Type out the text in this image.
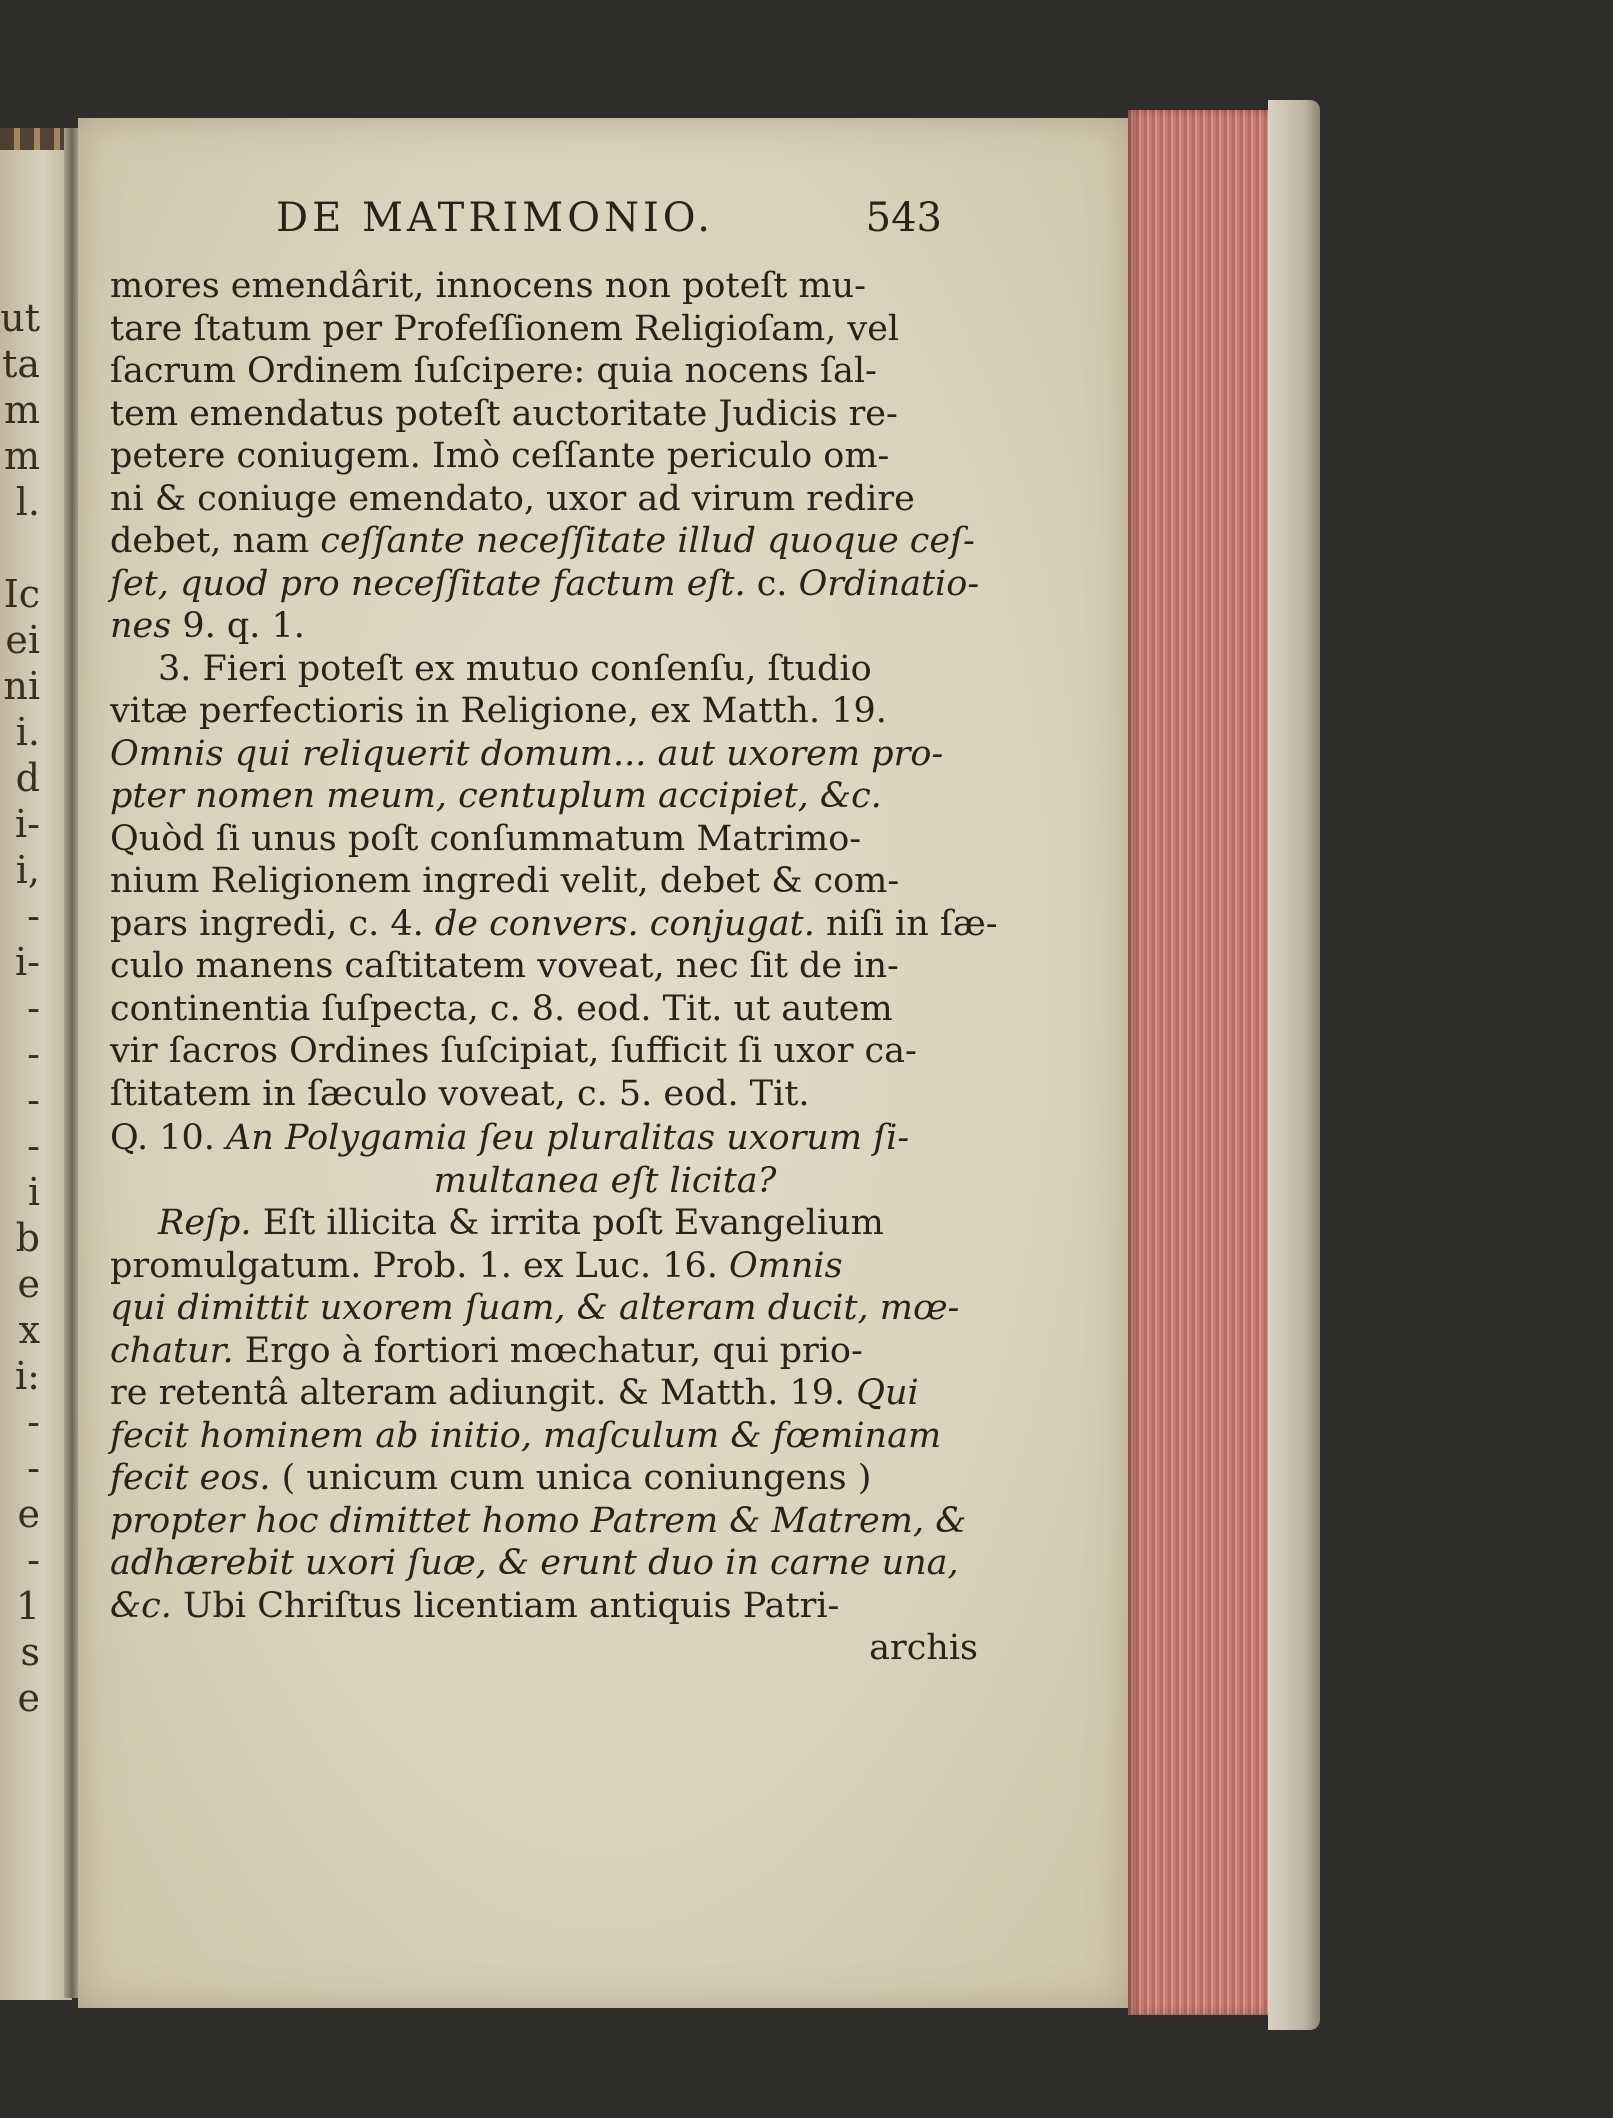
ut
ta
m
m
l.

Ic
ei
ni
i.
d
i-
i,
-
i-
-
-
-
-
i
b
e
x
i:
-
-
e
-
1
s
e
DE MATRIMONIO.	543
mores emendârit, innocens non poteſt mu-
tare ſtatum per Profeſſionem Religioſam, vel
ſacrum Ordinem ſuſcipere: quia nocens ſal-
tem emendatus poteſt auctoritate Judicis re-
petere coniugem. Imò ceſſante periculo om-
ni & coniuge emendato, uxor ad virum redire
debet, nam ceſſante neceſſitate illud quoque ceſ-
ſet, quod pro neceſſitate factum eſt. c. Ordinatio-
nes 9. q. 1.
3. Fieri poteſt ex mutuo conſenſu, ſtudio
vitæ perfectioris in Religione, ex Matth. 19.
Omnis qui reliquerit domum... aut uxorem pro-
pter nomen meum, centuplum accipiet, &c.
Quòd ſi unus poſt conſummatum Matrimo-
nium Religionem ingredi velit, debet & com-
pars ingredi, c. 4. de convers. conjugat. niſi in ſæ-
culo manens caſtitatem voveat, nec ſit de in-
continentia ſuſpecta, c. 8. eod. Tit. ut autem
vir ſacros Ordines ſuſcipiat, ſufficit ſi uxor ca-
ſtitatem in ſæculo voveat, c. 5. eod. Tit.
Q. 10. An Polygamia ſeu pluralitas uxorum ſi-
multanea eſt licita?
Reſp. Eſt illicita & irrita poſt Evangelium
promulgatum. Prob. 1. ex Luc. 16. Omnis
qui dimittit uxorem ſuam, & alteram ducit, mœ-
chatur. Ergo à fortiori mœchatur, qui prio-
re retentâ alteram adiungit. & Matth. 19. Qui
fecit hominem ab initio, maſculum & fœminam
fecit eos. ( unicum cum unica coniungens )
propter hoc dimittet homo Patrem & Matrem, &
adhærebit uxori ſuæ, & erunt duo in carne una,
&c. Ubi Chriſtus licentiam antiquis Patri-
archis
